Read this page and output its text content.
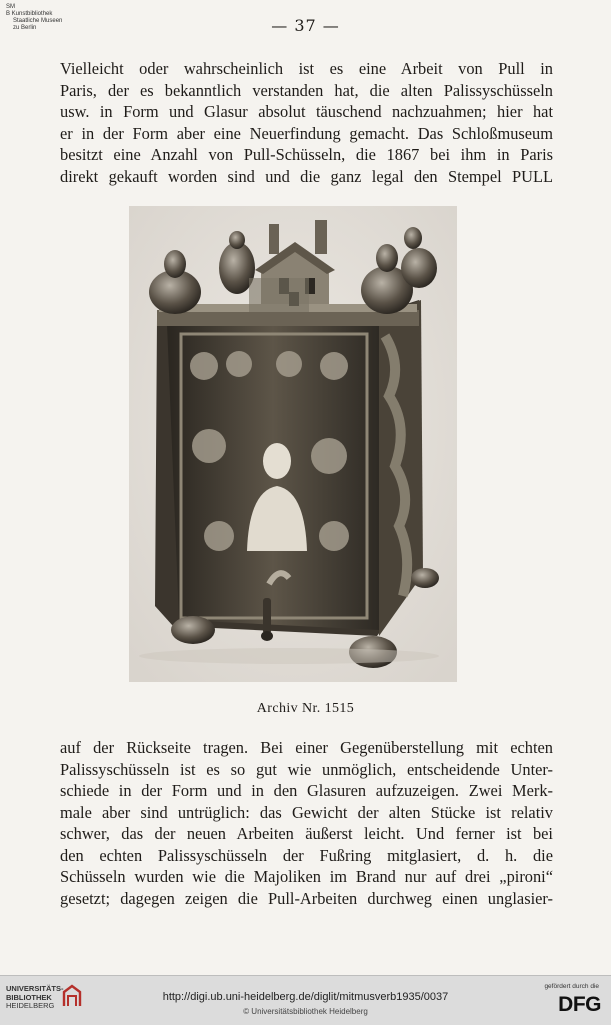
SM
B Kunstbibliothek
Staatliche Museen
zu Berlin	— 37 —
Vielleicht oder wahrscheinlich ist es eine Arbeit von Pull in
Paris, der es bekanntlich verstanden hat, die alten Palissyschüsseln
usw. in Form und Glasur absolut täuschend nachzuahmen; hier hat
er in der Form aber eine Neuerfindung gemacht. Das Schloßmuseum
besitzt eine Anzahl von Pull-Schüsseln, die 1867 bei ihm in Paris
direkt gekauft worden sind und die ganz legal den Stempel PULL
Archiv Nr. 1515
auf der Rückseite tragen. Bei einer Gegenüberstellung mit echten
Palissyschüsseln ist es so gut wie unmöglich, entscheidende Unter-
schiede in der Form und in den Glasuren aufzuzeigen. Zwei Merk-
male aber sind untrüglich: das Gewicht der alten Stücke ist relativ
schwer, das der neuen Arbeiten äußerst leicht. Und ferner ist bei
den echten Palissyschüsseln der Fußring mitglasiert, d. h. die
Schüsseln wurden wie die Majoliken im Brand nur auf drei „pironi“
gesetzt; dagegen zeigen die Pull-Arbeiten durchweg einen unglasier-
UNIVERSITÄTS-
BIBLIOTHEK
HEIDELBERG
http://digi.ub.uni-heidelberg.de/diglit/mitmusverb1935/0037
© Universitätsbibliothek Heidelberg
gefördert durch die
DFG
